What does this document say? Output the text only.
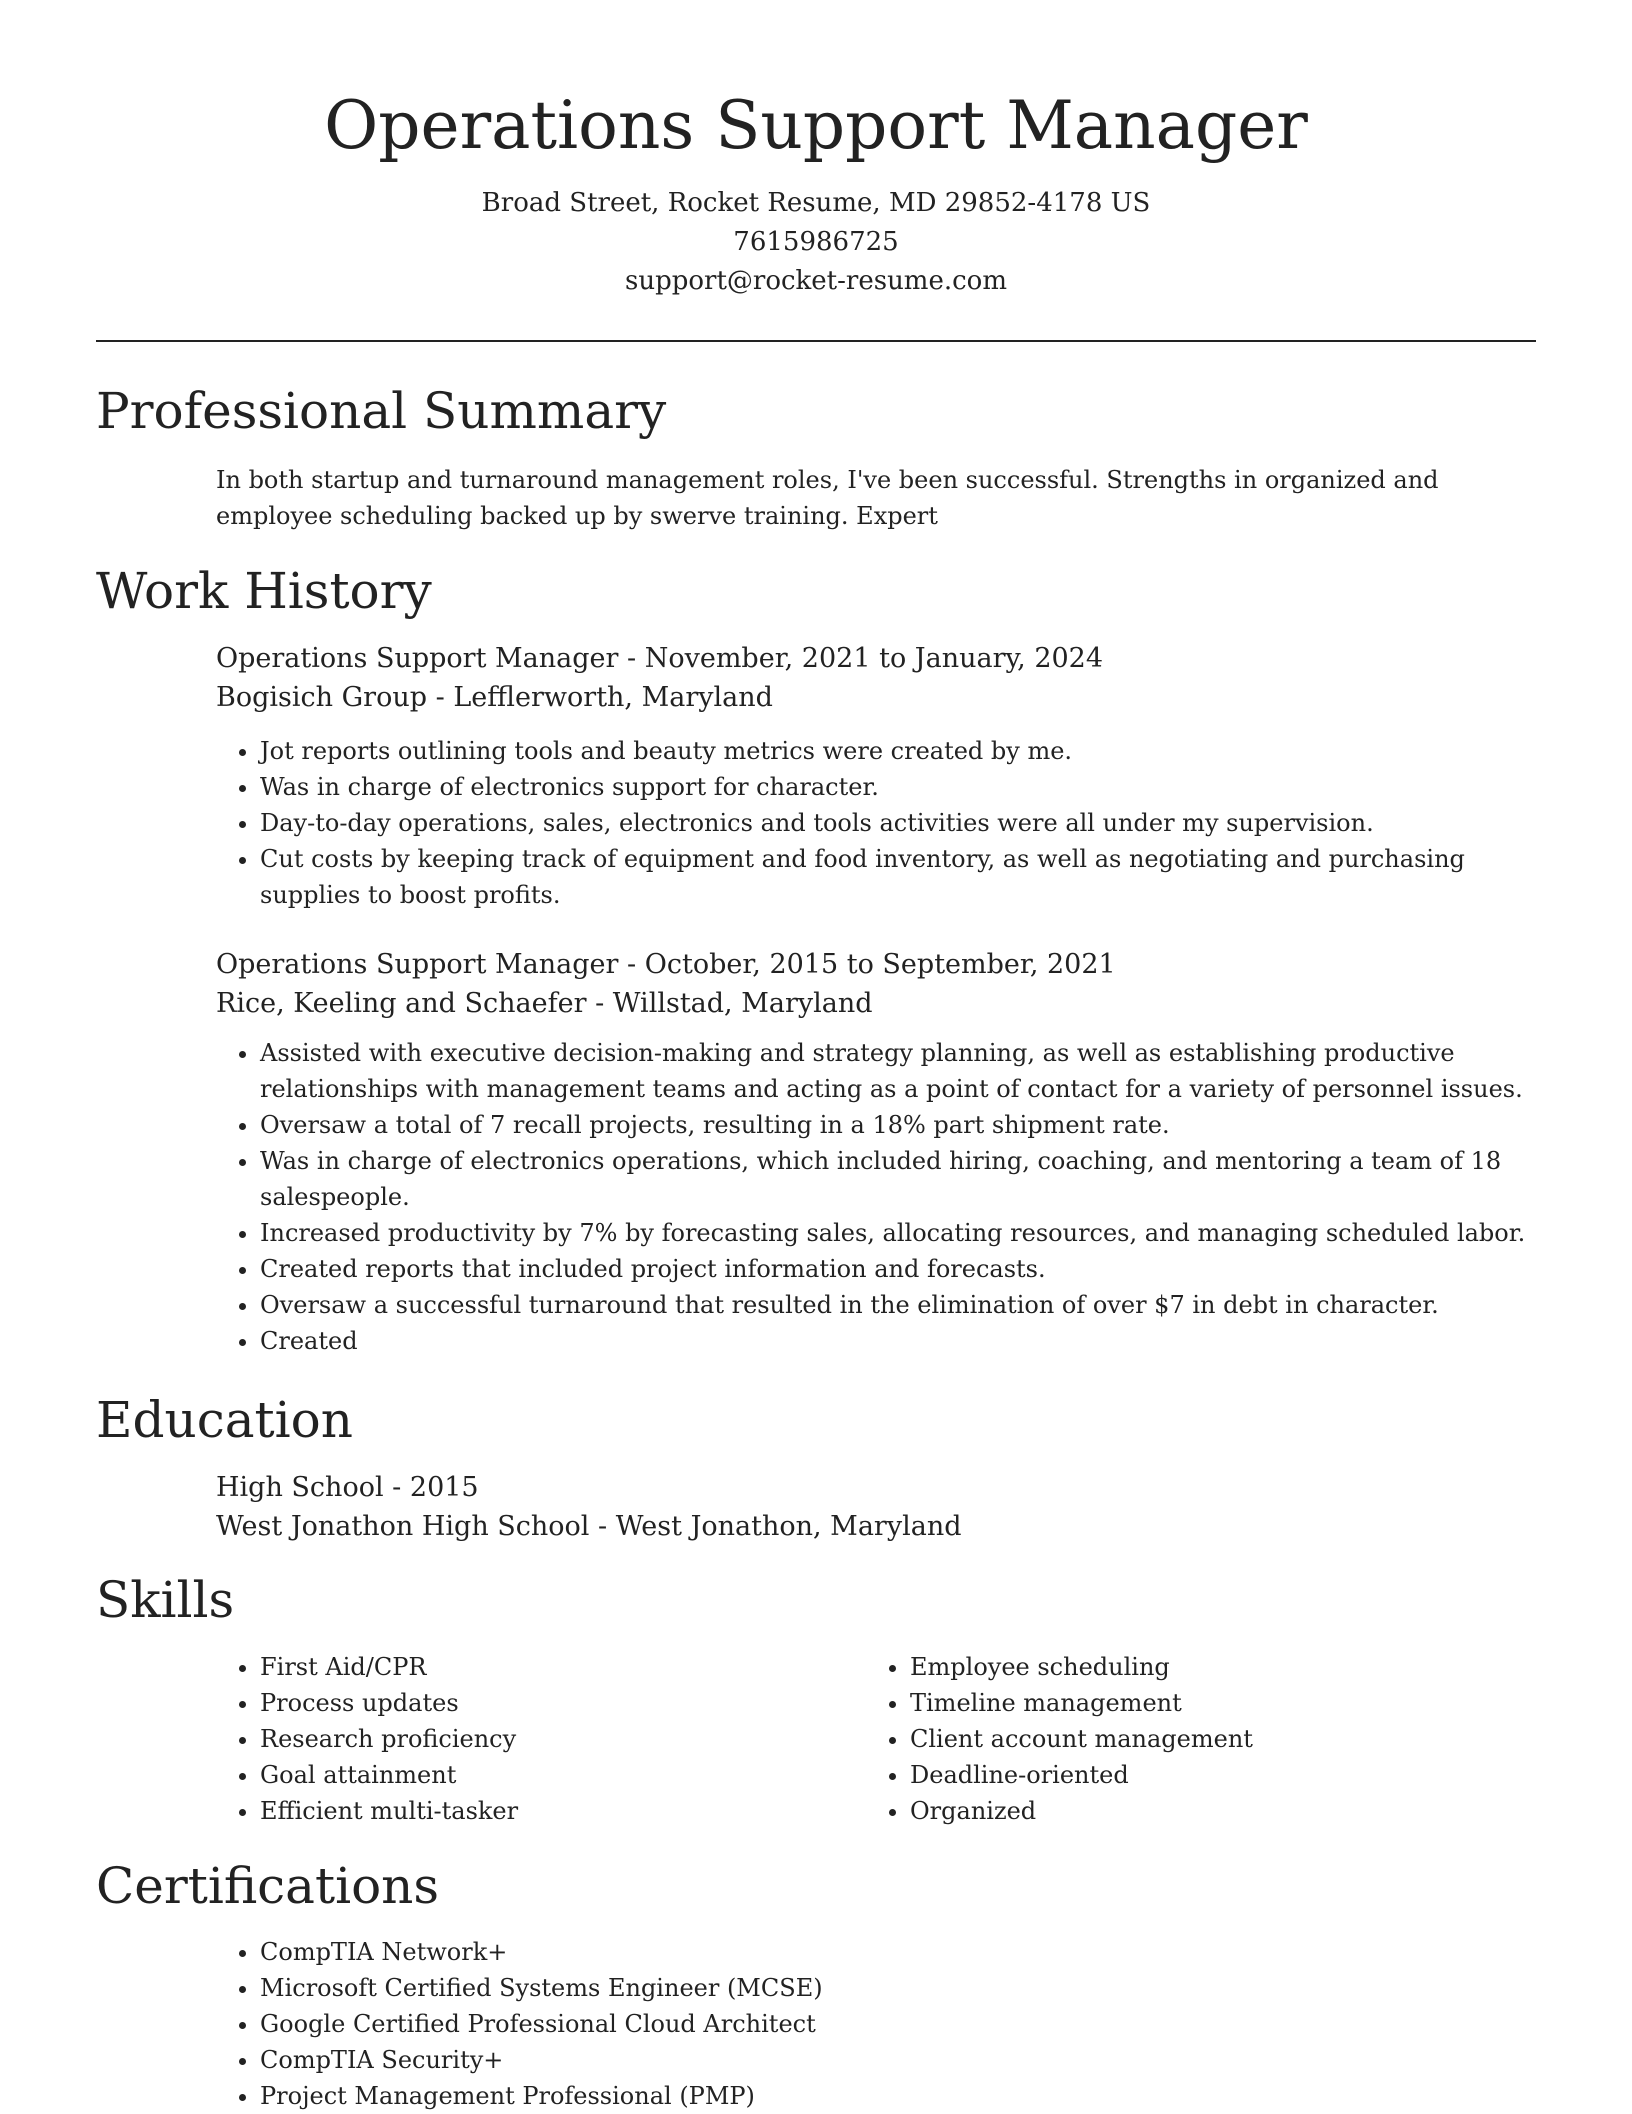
Operations Support Manager
Broad Street, Rocket Resume, MD 29852-4178 US
7615986725
support@rocket-resume.com
Professional Summary

In both startup and turnaround management roles, I've been successful. Strengths in organized and employee scheduling backed up by swerve training. Expert

Work History

Operations Support Manager - November, 2021 to January, 2024

Bogisich Group - Lefflerworth, Maryland

• Jot reports outlining tools and beauty metrics were created by me.
• Was in charge of electronics support for character.
• Day-to-day operations, sales, electronics and tools activities were all under my supervision.
• Cut costs by keeping track of equipment and food inventory, as well as negotiating and purchasing supplies to boost profits.

Operations Support Manager - October, 2015 to September, 2021

Rice, Keeling and Schaefer - Willstad, Maryland

• Assisted with executive decision-making and strategy planning, as well as establishing productive relationships with management teams and acting as a point of contact for a variety of personnel issues.
• Oversaw a total of 7 recall projects, resulting in a 18% part shipment rate.
• Was in charge of electronics operations, which included hiring, coaching, and mentoring a team of 18 salespeople.
• Increased productivity by 7% by forecasting sales, allocating resources, and managing scheduled labor.
• Created reports that included project information and forecasts.
• Oversaw a successful turnaround that resulted in the elimination of over $7 in debt in character.
• Created
Education

High School - 2015

West Jonathon High School - West Jonathon, Maryland

Skills
• First Aid/CPR
• Process updates
• Research proficiency
• Goal attainment
• Efficient multi-tasker
• Employee scheduling
• Timeline management
• Client account management
• Deadline-oriented
• Organized
Certifications
• CompTIA Network+
• Microsoft Certified Systems Engineer (MCSE)
• Google Certified Professional Cloud Architect
• CompTIA Security+
• Project Management Professional (PMP)
